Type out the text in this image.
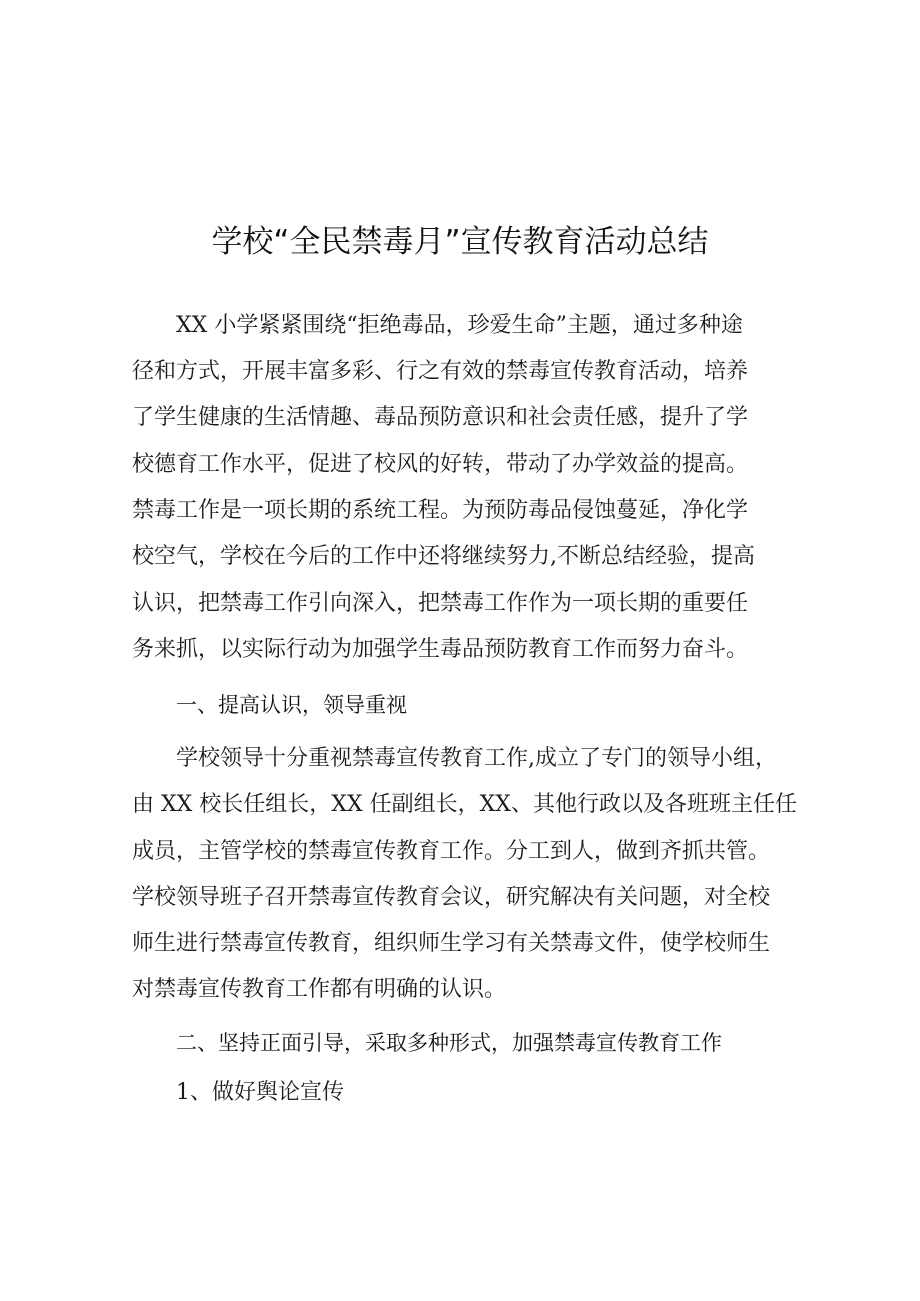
学校“全民禁毒月”宣传教育活动总结
XX 小学紧紧围绕“拒绝毒品，珍爱生命”主题，通过多种途
径和方式，开展丰富多彩、行之有效的禁毒宣传教育活动，培养
了学生健康的生活情趣、毒品预防意识和社会责任感，提升了学
校德育工作水平，促进了校风的好转，带动了办学效益的提高。
禁毒工作是一项长期的系统工程。为预防毒品侵蚀蔓延，净化学
校空气，学校在今后的工作中还将继续努力,不断总结经验，提高
认识，把禁毒工作引向深入，把禁毒工作作为一项长期的重要任
务来抓，以实际行动为加强学生毒品预防教育工作而努力奋斗。
一、提高认识，领导重视
学校领导十分重视禁毒宣传教育工作,成立了专门的领导小组，
由 XX 校长任组长，XX 任副组长，XX、其他行政以及各班班主任任
成员，主管学校的禁毒宣传教育工作。分工到人，做到齐抓共管。
学校领导班子召开禁毒宣传教育会议，研究解决有关问题，对全校
师生进行禁毒宣传教育，组织师生学习有关禁毒文件，使学校师生
对禁毒宣传教育工作都有明确的认识。
二、坚持正面引导，采取多种形式，加强禁毒宣传教育工作
1、做好舆论宣传
